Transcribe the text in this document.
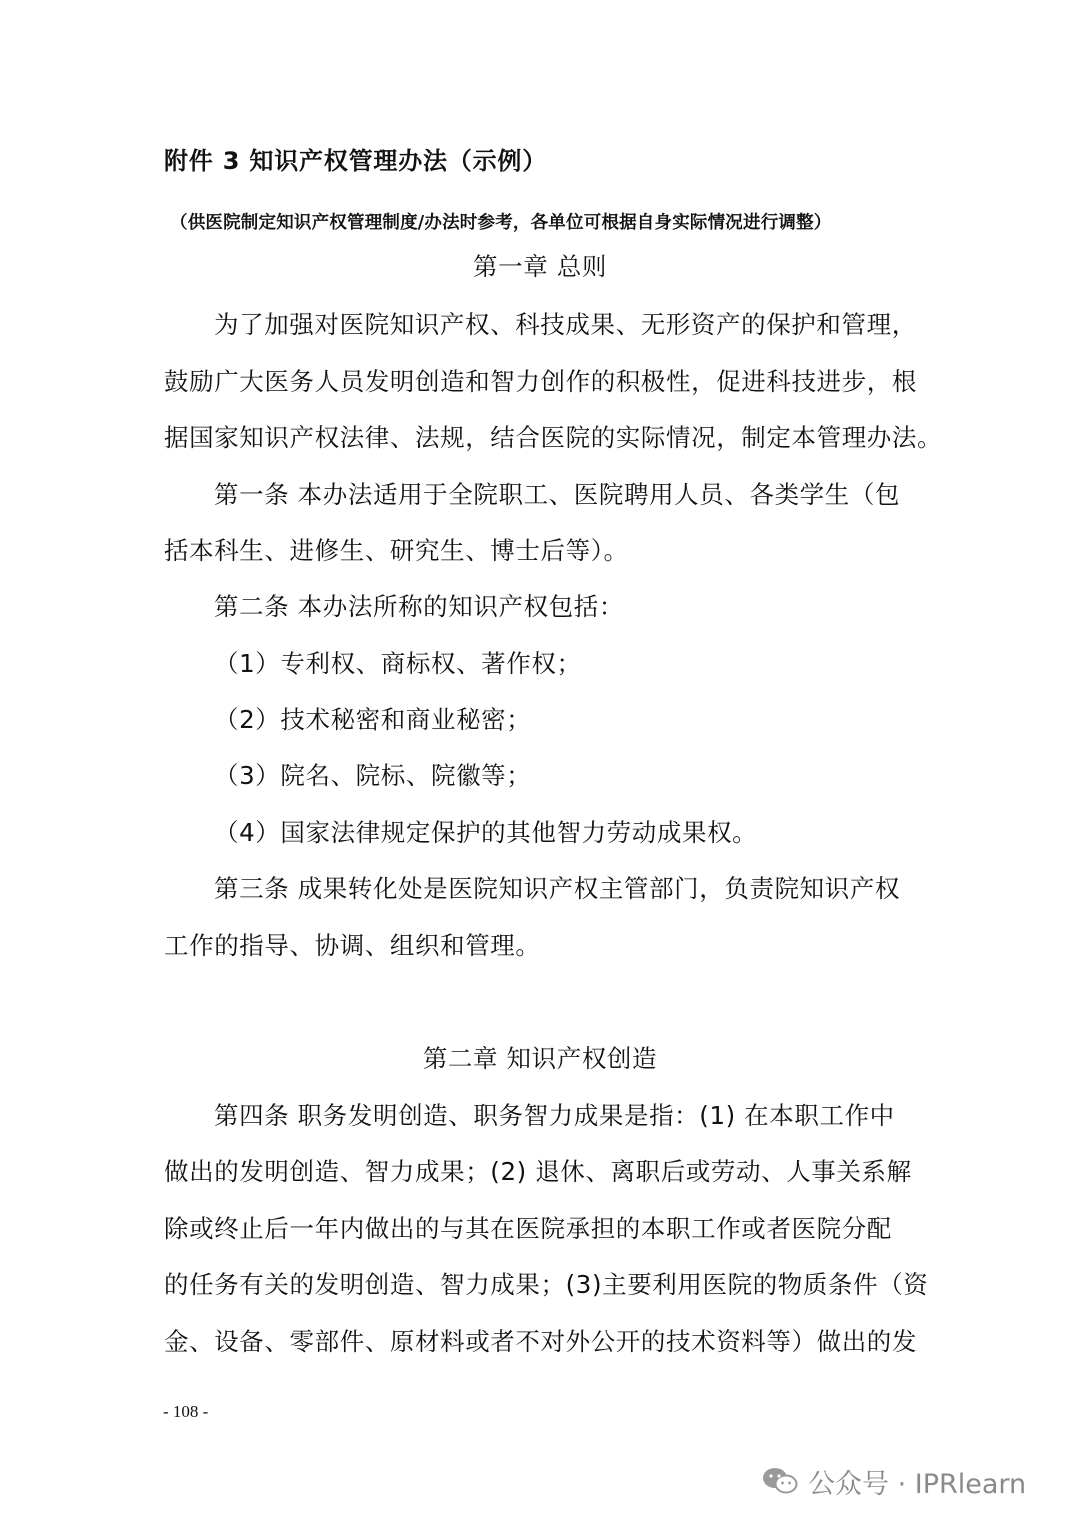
附件 3 知识产权管理办法（示例）
（供医院制定知识产权管理制度/办法时参考，各单位可根据自身实际情况进行调整）
第一章 总则
为了加强对医院知识产权、科技成果、无形资产的保护和管理，
鼓励广大医务人员发明创造和智力创作的积极性，促进科技进步，根
据国家知识产权法律、法规，结合医院的实际情况，制定本管理办法。
第一条 本办法适用于全院职工、医院聘用人员、各类学生（包
括本科生、进修生、研究生、博士后等）。
第二条 本办法所称的知识产权包括：
（1）专利权、商标权、著作权；
（2）技术秘密和商业秘密；
（3）院名、院标、院徽等；
（4）国家法律规定保护的其他智力劳动成果权。
第三条 成果转化处是医院知识产权主管部门，负责院知识产权
工作的指导、协调、组织和管理。
第二章 知识产权创造
第四条 职务发明创造、职务智力成果是指：(1) 在本职工作中
做出的发明创造、智力成果；(2) 退休、离职后或劳动、人事关系解
除或终止后一年内做出的与其在医院承担的本职工作或者医院分配
的任务有关的发明创造、智力成果；(3)主要利用医院的物质条件（资
金、设备、零部件、原材料或者不对外公开的技术资料等）做出的发
- 108 -
公众号 · IPRlearn
